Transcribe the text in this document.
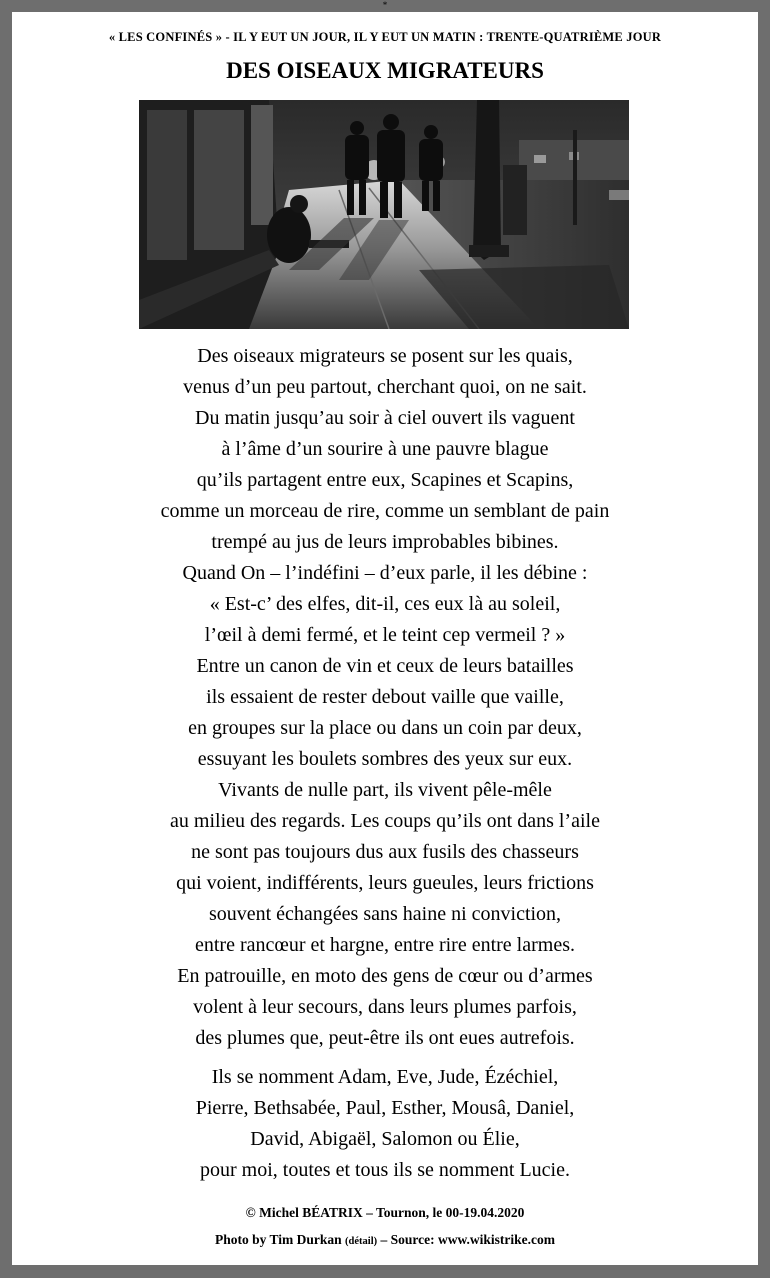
*
« LES CONFINÉS » - IL Y EUT UN JOUR, IL Y EUT UN MATIN : TRENTE-QUATRIÈME JOUR
DES OISEAUX MIGRATEURS
Des oiseaux migrateurs se posent sur les quais,
venus d’un peu partout, cherchant quoi, on ne sait.
Du matin jusqu’au soir à ciel ouvert ils vaguent
à l’âme d’un sourire à une pauvre blague
qu’ils partagent entre eux, Scapines et Scapins,
comme un morceau de rire, comme un semblant de pain
trempé au jus de leurs improbables bibines.
Quand On – l’indéfini – d’eux parle, il les débine :
« Est-c’ des elfes, dit-il, ces eux là au soleil,
l’œil à demi fermé, et le teint cep vermeil ? »
Entre un canon de vin et ceux de leurs batailles
ils essaient de rester debout vaille que vaille,
en groupes sur la place ou dans un coin par deux,
essuyant les boulets sombres des yeux sur eux.
Vivants de nulle part, ils vivent pêle-mêle
au milieu des regards. Les coups qu’ils ont dans l’aile
ne sont pas toujours dus aux fusils des chasseurs
qui voient, indifférents, leurs gueules, leurs frictions
souvent échangées sans haine ni conviction,
entre rancœur et hargne, entre rire entre larmes.
En patrouille, en moto des gens de cœur ou d’armes
volent à leur secours, dans leurs plumes parfois,
des plumes que, peut-être ils ont eues autrefois.
Ils se nomment Adam, Eve, Jude, Ézéchiel,
Pierre, Bethsabée, Paul, Esther, Mousâ, Daniel,
David, Abigaël, Salomon ou Élie,
pour moi, toutes et tous ils se nomment Lucie.
© Michel BÉATRIX – Tournon, le 00-19.04.2020
Photo by Tim Durkan (détail) – Source: www.wikistrike.com
